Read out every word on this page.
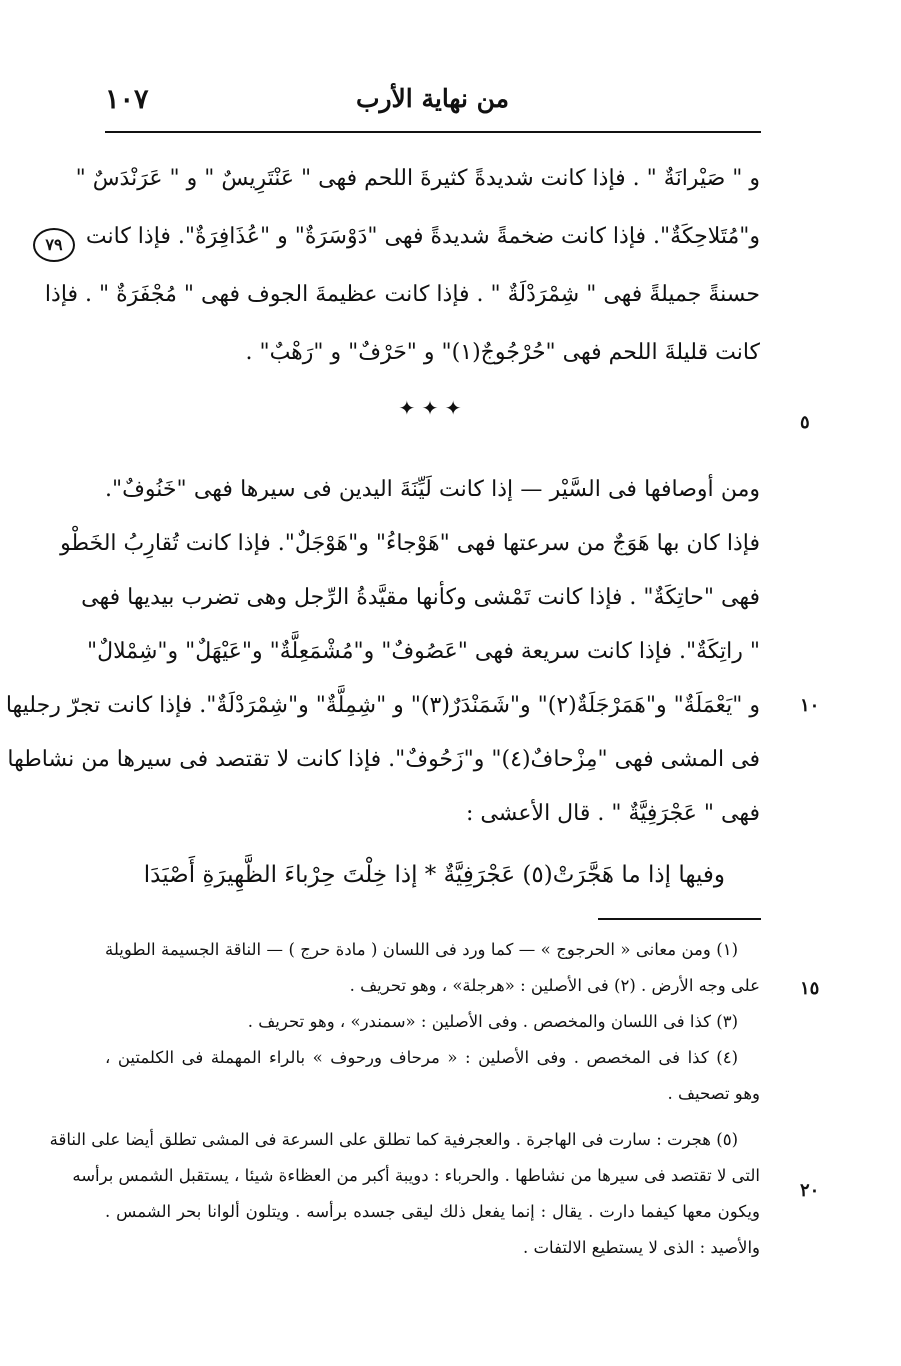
من نهاية الأرب
١٠٧
٧٩
و " صَيْرانَةٌ " . فإذا كانت شديدةً كثيرةَ اللحم فهى " عَنْتَرِيسٌ " و " عَرَنْدَسٌ "
و"مُتَلاحِكَةٌ". فإذا كانت ضخمةً شديدةً فهى "دَوْسَرَةٌ" و "عُذَافِرَةٌ". فإذا كانت
حسنةً جميلةً فهى " شِمْرَدْلَةٌ " . فإذا كانت عظيمةَ الجوف فهى " مُجْفَرَةٌ " . فإذا
كانت قليلةَ اللحم فهى "حُرْجُوجٌ(١)" و "حَرْفٌ" و "رَهْبٌ" .
٥
✦ ✦ ✦
ومن أوصافها فى السَّيْر — إذا كانت لَيِّنَةَ اليدين فى سيرها فهى "خَنُوفٌ".
فإذا كان بها هَوَجٌ من سرعتها فهى "هَوْجاءُ" و"هَوْجَلٌ". فإذا كانت تُقارِبُ الخَطْو
فهى "حاتِكَةٌ" . فإذا كانت تَمْشى وكأنها مقيَّدةُ الرِّجل وهى تضرب بيديها فهى
" راتِكَةٌ". فإذا كانت سريعة فهى "عَصُوفٌ" و"مُشْمَعِلَّةٌ" و"عَيْهَلٌ" و"شِمْلالٌ"
و "يَعْمَلَةٌ" و"هَمَرْجَلَةٌ(٢)" و"شَمَنْدَرٌ(٣)" و "شِمِلَّةٌ" و"شِمْرَدْلَةٌ". فإذا كانت تجرّ رجليها
فى المشى فهى "مِزْحافٌ(٤)" و"زَحُوفٌ". فإذا كانت لا تقتصد فى سيرها من نشاطها
فهى " عَجْرَفِيَّةٌ " . قال الأعشى :
١٠
وفيها إذا ما هَجَّرَتْ(٥) عَجْرَفِيَّةٌ * إذا خِلْتَ حِرْباءَ الظَّهِيرَةِ أَصْيَدَا
(١) ومن معانى « الحرجوج » — كما ورد فى اللسان ( مادة حرج ) — الناقة الجسيمة الطويلة
على وجه الأرض . (٢) فى الأصلين : «هرجلة» ، وهو تحريف .
(٣) كذا فى اللسان والمخصص . وفى الأصلين : «سمندر» ، وهو تحريف .
(٤) كذا فى المخصص . وفى الأصلين : « مرحاف ورحوف » بالراء المهملة فى الكلمتين ،
وهو تصحيف .
(٥) هجرت : سارت فى الهاجرة . والعجرفية كما تطلق على السرعة فى المشى تطلق أيضا على الناقة
التى لا تقتصد فى سيرها من نشاطها . والحرباء : دويبة أكبر من العظاءة شيئا ، يستقبل الشمس برأسه
ويكون معها كيفما دارت . يقال : إنما يفعل ذلك ليقى جسده برأسه . ويتلون ألوانا بحر الشمس .
والأصيد : الذى لا يستطيع الالتفات .
١٥
٢٠
